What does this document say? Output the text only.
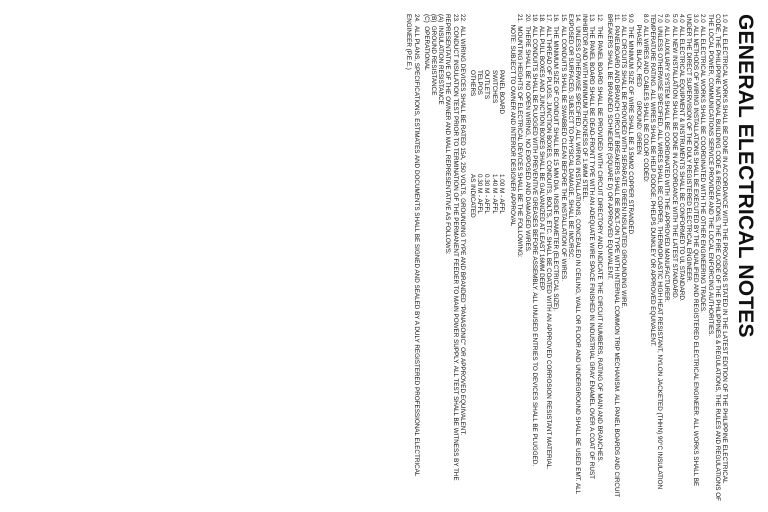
GENERAL ELECTRICAL NOTES

1.0  ALL ELECTRICAL WORKS SHALL BE DONE IN ACCORDANCE WITH THE PROVISIONS STATED IN THE LATEST EDITION OF THE PHILIPPINE ELECTRICAL CODE, THE PHILIPPINE NATIONAL BUILDING CODE & REGULATIONS, THE FIRE CODE OF THE PHILIPPINES & REGULATIONS, THE RULES AND REGULATIONS OF THE LOCAL POWER, COMMUNICATIONS SERVICE PROVIDER AND THE LOCAL ENFORCING AUTHORITIES.

2.0  ALL ELECTRICAL WORKS SHALL BE COORDINATED WITH THE OTHER ENGINEERING TRADES.

3.0  ALL METHODS OF WIRING INSTALLATIONS SHALL BE EXECUTED BY THE QUALIFIED AND REGISTERED ELECTRICAL ENGINEER. ALL WORKS SHALL BE UNDER THE DIRECT SUPERVISION OF THE DULY REGISTERED ELECTRICAL ENGINEER.

4.0  ALL ELECTRICAL EQUIPMENT & INSTRUMENTS SHALL BE CONFORMED TO UL STANDARD.

5.0  ALL NEW INSTALLATION SHALL BE DONE IN ACCORDANCE WITH THE LATEST STANDARD.

6.0  ALL AUXILIARY SYSTEM SHALL BE COORDINATED WITH THE APPROVED MANUFACTURER.

7.0  UNLESS OTHERWISE SPECIFIED, ALL WIRES SHALL BE COPPER, THERMOPLASTIC HIGH HEAT RESISTANT, NYLON JACKETED (THHN) 90°C INSULATION TEMPERATURE RATING. ALL WIRES SHALL BE HELP DODGE, PHELPS DUNKLEY OR APPROVED EQUIVALENT.

8.0  ALL WIRES AND CABLES SHALL BE COLOR CODED:

PHASE: BLACK, RED        GROUND: GREEN

9.0  THE MINIMUM SIZE OF WIRE SHALL BE 3.5MM2 COPPER STRANDED.

10.  ALL CIRCUITS SHALL BE PROVIDED WITH SEPARATE GREEN INSULATED GROUNDING WIRE.

11.  PANELBOARD AND BRANCH CIRCUIT BREAKERS SHALL BE BOLT-ON TYPE WITH INTERNAL COMMON TRIP MECHANISM. ALL PANEL BOARDS AND CIRCUIT BREAKERS SHALL BE BRANDED SCHNEIDER (SQUARE D) OR APPROVED EQUIVALENT.

12.  THE PANEL BOARD SHALL BE PROVIDED WITH CIRCUIT DIRECTORY AND INDICATE THE CIRCUIT NUMBERS, RATING OF MAIN AND BRANCHES.

13.  THE PANEL BOARD SHALL BE DEAD-FRONT TYPE WITH AN ADEQUATE WIRE SPACE FINISHED IN INDUSTRIAL GRAY ENAMEL OVER A COAT OF RUST INHIBITOR AND WITH MINIMUM THICKNESS OF 1.6MM STEEL.

14.  UNLESS OTHERWISE SPECIFIED, ALL WIRING INSTALLATIONS, CONCEALED IN CEILING, WALL OR FLOOR AND UNDERGROUND SHALL BE USED EMT. ALL EXPOSED OR SURFACED, SUBJECT TO PHYSICAL DAMAGE, SHALL BE IMC/RSC.

15.  ALL CONDUITS SHALL BE SWABBED CLEAN BEFORE THE INSTALLATION OF WIRES.

16.  THE MINIMUM SIZE OF CONDUIT SHALL BE 15 MM DIA. INSIDE DIAMETER (ELECTRICAL SIZE).

17.  ALL THREAD OF PLUGS, JUNCTION BOXES, CONDUITS, BOLTS, ETC. SHALL BE COATED WITH AN APPROVED CORROSION RESISTANT MATERIAL.

18.  ALL PULL BOXES AND JUNCTION BOXES SHALL BE GALVANIZED AT LEAST 16MM DEEP.

19.  ALL CONDUITS SHALL BE PLUGGED WITH PREVENTIVE GREASES BEFORE ASSEMBLY. ALL UNUSED ENTRIES TO DEVICES SHALL BE PLUGGED.

20.  THERE SHALL BE NO OPEN WIRING, NO EXPOSED AND DAMAGED WIRES.

21.  MOUNTING HEIGHTS OF ELECTRICAL DEVICES SHALL BE THE FOLLOWING:

NOTE: SUBJECT TO OWNER AND INTERIOR DESIGNER APPROVAL

PANEL BOARD
SWITCHES
OUTLETS
TELPOS
OTHERS
1.00 M - AFFL
1.40 M - AFFL
0.30 M - AFFL
0.30 M - AFFL
AS INDICATED

22.  ALL WIRING DEVICES SHALL BE RATED 15A, 250 VOLTS, GROUNDING TYPE AND BRANDED "PANASONIC" OR APPROVED EQUIVALENT.

23.  CONDUCT INSULATION TEST PRIOR TO TERMINATION OF THE PERMANENT FEEDER TO MAIN POWER SUPPLY. ALL TEST SHALL BE WITNESS BY THE REPRESENTATIVE OF THE OWNER AND MALL REPRESENTATIVE AS FOLLOWS:

(A)  INSULATION RESISTANCE

(B)  GROUND RESISTANCE

(C)  OPERATIONAL

24.  ALL PLANS, SPECIFICATIONS, ESTIMATES AND DOCUMENTS SHALL BE SIGNED AND SEALED BY A DULY REGISTERED PROFESSIONAL ELECTRICAL ENGINEER (P.E.E.)
